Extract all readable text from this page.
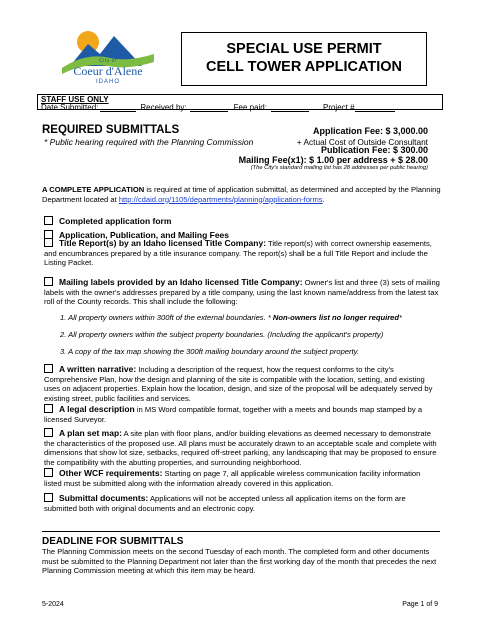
City of
Coeur d'Alene
IDAHO
SPECIAL USE PERMIT
CELL TOWER APPLICATION
STAFF USE ONLY
Date Submitted:	Received by:	Fee paid:	Project #
REQUIRED SUBMITTALS
* Public hearing required with the Planning Commission
Application Fee: $ 3,000.00
+ Actual Cost of Outside Consultant
Publication Fee: $ 300.00
Mailing Fee(x1): $ 1.00 per address + $ 28.00
(The City's standard mailing list has 28 addresses per public hearing)
A COMPLETE APPLICATION is required at time of application submittal, as determined and accepted by the Planning Department located at http://cdaid.org/1105/departments/planning/application-forms.
Completed application form
Application, Publication, and Mailing Fees
Title Report(s) by an Idaho licensed Title Company: Title report(s) with correct ownership easements, and encumbrances prepared by a title insurance company. The report(s) shall be a full Title Report and include the Listing Packet.
Mailing labels provided by an Idaho licensed Title Company: Owner's list and three (3) sets of mailing labels with the owner's addresses prepared by a title company, using the last known name/address from the latest tax roll of the County records. This shall include the following:
1. All property owners within 300ft of the external boundaries. * Non-owners list no longer required*
2. All property owners within the subject property boundaries. (Including the applicant's property)
3. A copy of the tax map showing the 300ft mailing boundary around the subject property.
A written narrative: Including a description of the request, how the request conforms to the city's Comprehensive Plan, how the design and planning of the site is compatible with the location, setting, and existing uses on adjacent properties. Explain how the location, design, and size of the proposal will be adequately served by existing street, public facilities and services.
A legal description in MS Word compatible format, together with a meets and bounds map stamped by a licensed Surveyor.
A plan set map: A site plan with floor plans, and/or building elevations as deemed necessary to demonstrate the characteristics of the proposed use. All plans must be accurately drawn to an acceptable scale and complete with dimensions that show lot size, setbacks, required off-street parking, any landscaping that may be proposed to ensure the compatibility with the abutting properties, and surrounding neighborhood.
Other WCF requirements: Starting on page 7, all applicable wireless communication facility information listed must be submitted along with the information already covered in this application.
Submittal documents: Applications will not be accepted unless all application items on the form are submitted both with original documents and an electronic copy.
DEADLINE FOR SUBMITTALS
The Planning Commission meets on the second Tuesday of each month. The completed form and other documents must be submitted to the Planning Department not later than the first working day of the month that precedes the next Planning Commission meeting at which this item may be heard.
5-2024	Page 1 of 9
